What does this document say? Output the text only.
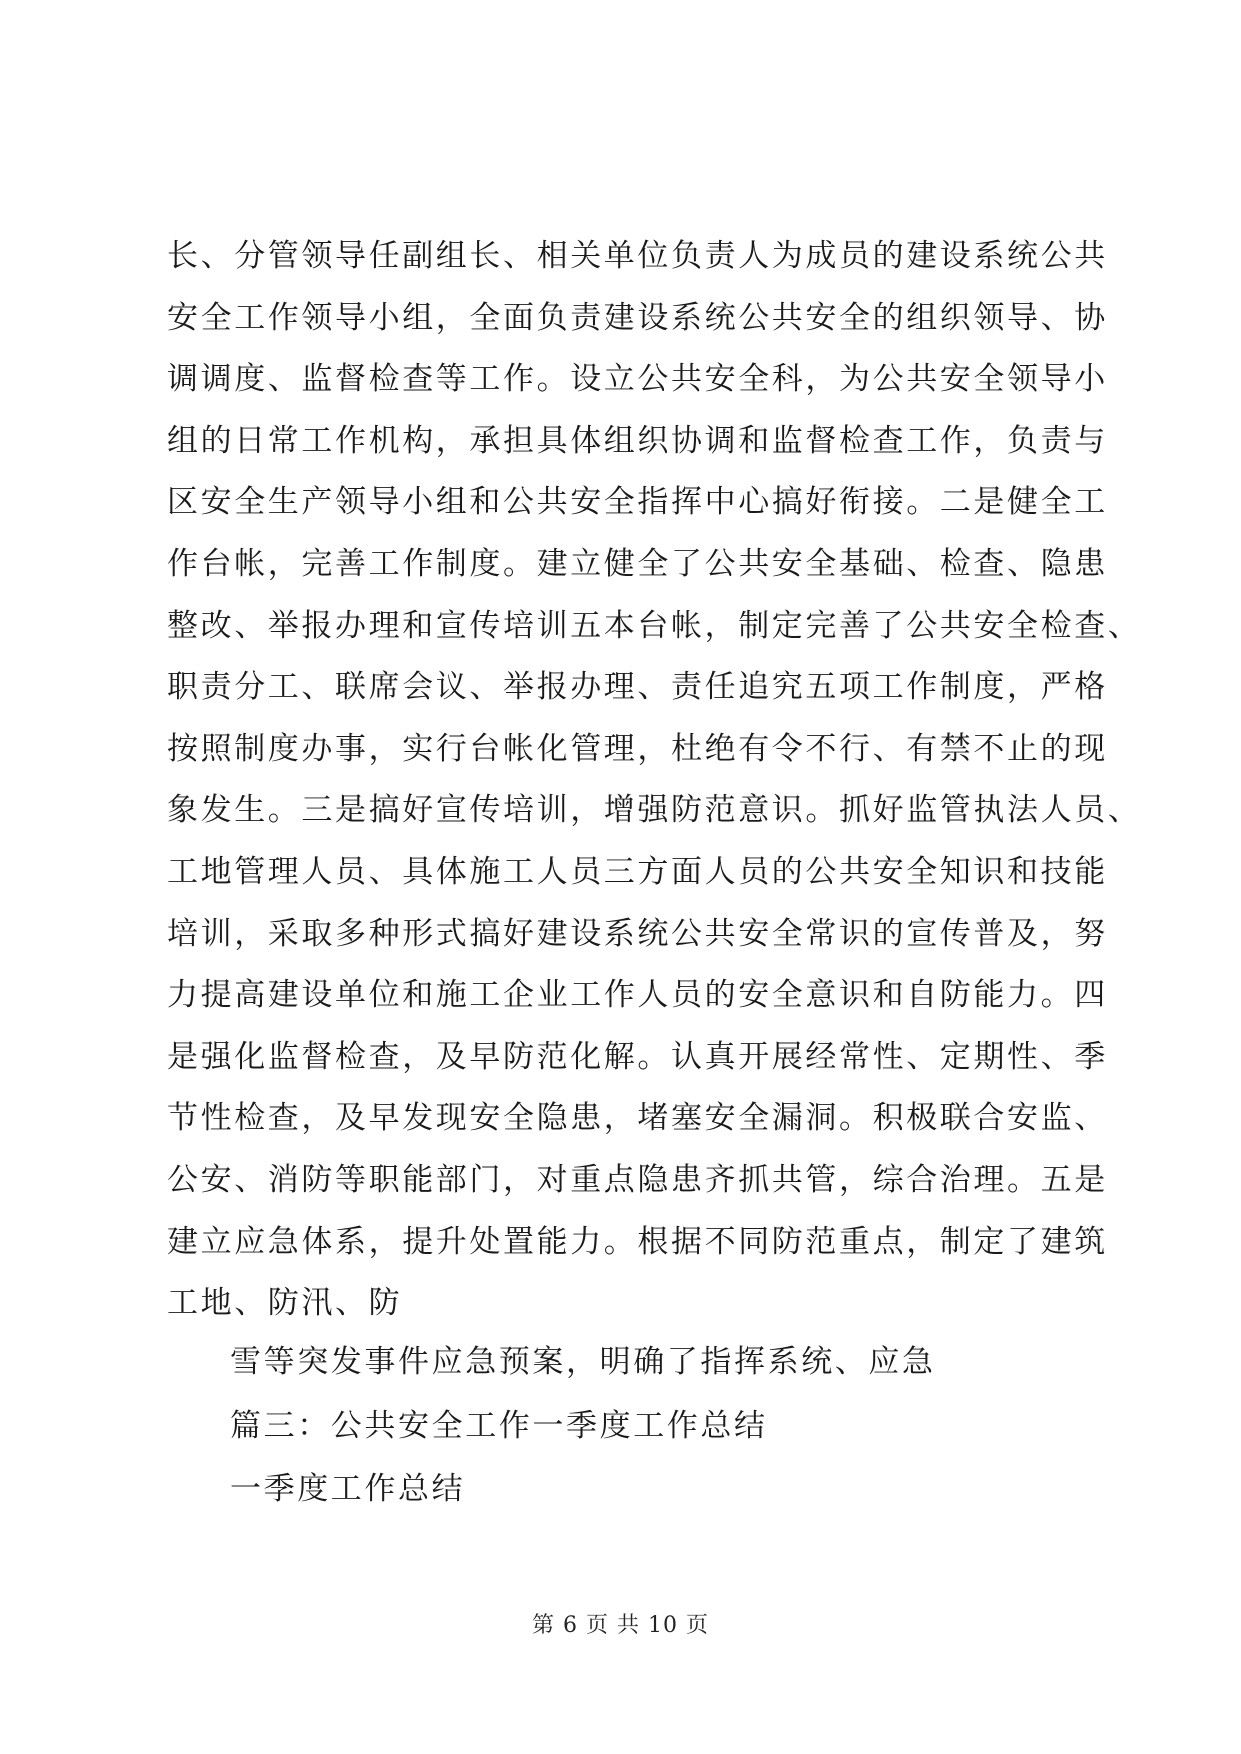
长、分管领导任副组长、相关单位负责人为成员的建设系统公共
安全工作领导小组，全面负责建设系统公共安全的组织领导、协
调调度、监督检查等工作。设立公共安全科，为公共安全领导小
组的日常工作机构，承担具体组织协调和监督检查工作，负责与
区安全生产领导小组和公共安全指挥中心搞好衔接。二是健全工
作台帐，完善工作制度。建立健全了公共安全基础、检查、隐患
整改、举报办理和宣传培训五本台帐，制定完善了公共安全检查、
职责分工、联席会议、举报办理、责任追究五项工作制度，严格
按照制度办事，实行台帐化管理，杜绝有令不行、有禁不止的现
象发生。三是搞好宣传培训，增强防范意识。抓好监管执法人员、
工地管理人员、具体施工人员三方面人员的公共安全知识和技能
培训，采取多种形式搞好建设系统公共安全常识的宣传普及，努
力提高建设单位和施工企业工作人员的安全意识和自防能力。四
是强化监督检查，及早防范化解。认真开展经常性、定期性、季
节性检查，及早发现安全隐患，堵塞安全漏洞。积极联合安监、
公安、消防等职能部门，对重点隐患齐抓共管，综合治理。五是
建立应急体系，提升处置能力。根据不同防范重点，制定了建筑
工地、防汛、防
雪等突发事件应急预案，明确了指挥系统、应急
篇三：公共安全工作一季度工作总结
一季度工作总结
第 6 页 共 10 页
